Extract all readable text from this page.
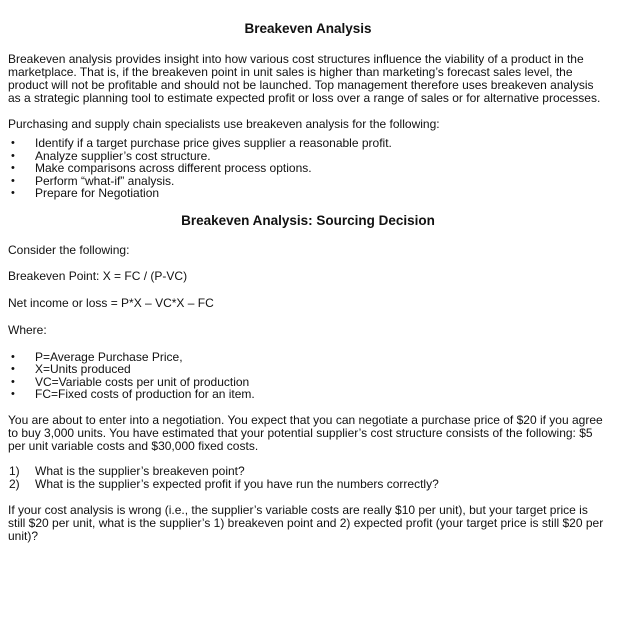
Breakeven Analysis

Breakeven analysis provides insight into how various cost structures influence the viability of a product in the marketplace. That is, if the breakeven point in unit sales is higher than marketing’s forecast sales level, the product will not be profitable and should not be launched. Top management therefore uses breakeven analysis as a strategic planning tool to estimate expected profit or loss over a range of sales or for alternative processes.

Purchasing and supply chain specialists use breakeven analysis for the following:

• Identify if a target purchase price gives supplier a reasonable profit.
• Analyze supplier’s cost structure.
• Make comparisons across different process options.
• Perform “what-if” analysis.
• Prepare for Negotiation
Breakeven Analysis: Sourcing Decision

Consider the following:

Breakeven Point: X = FC / (P-VC)

Net income or loss = P*X – VC*X – FC

Where:

• P=Average Purchase Price,
• X=Units produced
• VC=Variable costs per unit of production
• FC=Fixed costs of production for an item.

You are about to enter into a negotiation. You expect that you can negotiate a purchase price of $20 if you agree to buy 3,000 units. You have estimated that your potential supplier’s cost structure consists of the following: $5 per unit variable costs and $30,000 fixed costs.

1) What is the supplier’s breakeven point?
2) What is the supplier’s expected profit if you have run the numbers correctly?

If your cost analysis is wrong (i.e., the supplier’s variable costs are really $10 per unit), but your target price is still $20 per unit, what is the supplier’s 1) breakeven point and 2) expected profit (your target price is still $20 per unit)?
